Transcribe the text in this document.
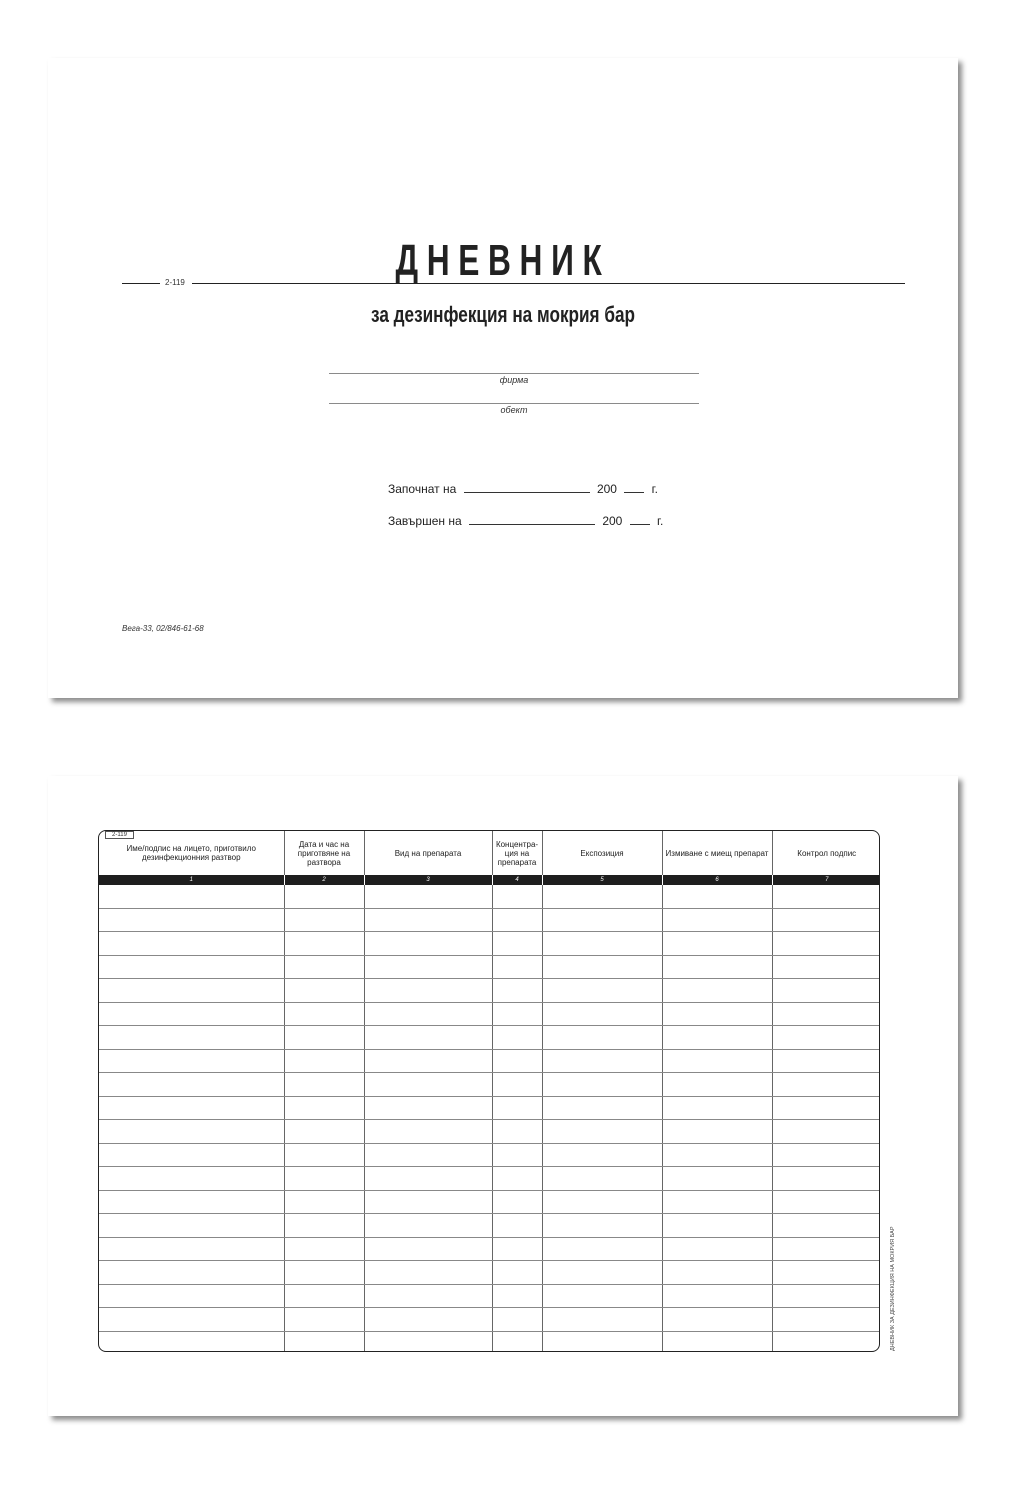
ДНЕВНИК
2-119
за дезинфекция на мокрия бар
фирма
обект
Започнат на	200	г.
Завършен на	200	г.
Вега-33, 02/846-61-68
2-119
Име/подпис на лицето, приготвило дезинфекционния разтвор	Дата и час на приготвяне на разтвора	Вид на препарата	Концентра-ция на препарата	Експозиция	Измиване с миещ препарат	Контрол подпис
1	2	3	4	5	6	7

ДНЕВНИК ЗА ДЕЗИНФЕКЦИЯ НА МОКРИЯ БАР
